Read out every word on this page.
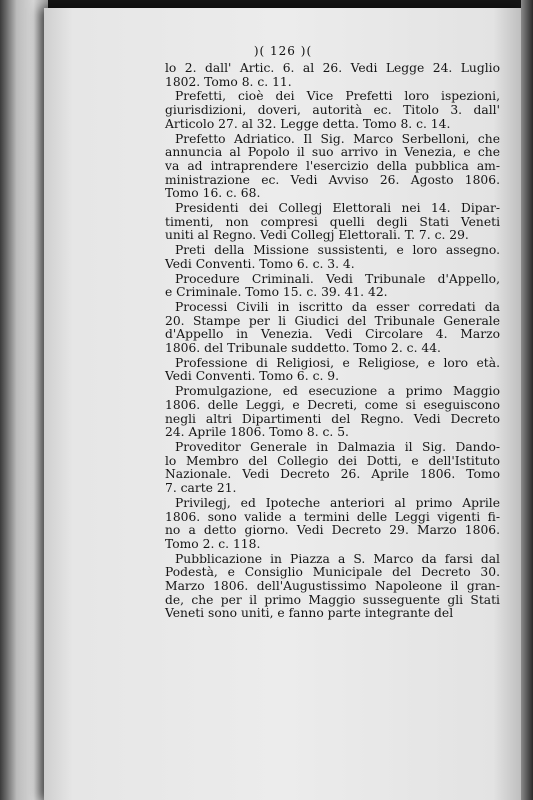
)( 126 )(
lo 2. dall' Artic. 6. al 26. Vedi Legge 24. Luglio
1802. Tomo 8. c. 11.
Prefetti, cioè dei Vice Prefetti loro ispezioni,
giurisdizioni, doveri, autorità ec. Titolo 3. dall'
Articolo 27. al 32. Legge detta. Tomo 8. c. 14.
Prefetto Adriatico. Il Sig. Marco Serbelloni, che
annuncia al Popolo il suo arrivo in Venezia, e che
va ad intraprendere l'esercizio della pubblica am-
ministrazione ec. Vedi Avviso 26. Agosto 1806.
Tomo 16. c. 68.
Presidenti dei Collegj Elettorali nei 14. Dipar-
timenti, non compresi quelli degli Stati Veneti
uniti al Regno. Vedi Collegj Elettorali. T. 7. c. 29.
Preti della Missione sussistenti, e loro assegno.
Vedi Conventi. Tomo 6. c. 3. 4.
Procedure Criminali. Vedi Tribunale d'Appello,
e Criminale. Tomo 15. c. 39. 41. 42.
Processi Civili in iscritto da esser corredati da
20. Stampe per li Giudici del Tribunale Generale
d'Appello in Venezia. Vedi Circolare 4. Marzo
1806. del Tribunale suddetto. Tomo 2. c. 44.
Professione di Religiosi, e Religiose, e loro età.
Vedi Conventi. Tomo 6. c. 9.
Promulgazione, ed esecuzione a primo Maggio
1806. delle Leggi, e Decreti, come si eseguiscono
negli altri Dipartimenti del Regno. Vedi Decreto
24. Aprile 1806. Tomo 8. c. 5.
Proveditor Generale in Dalmazia il Sig. Dando-
lo Membro del Collegio dei Dotti, e dell'Istituto
Nazionale. Vedi Decreto 26. Aprile 1806. Tomo
7. carte 21.
Privilegj, ed Ipoteche anteriori al primo Aprile
1806. sono valide a termini delle Leggi vigenti fi-
no a detto giorno. Vedi Decreto 29. Marzo 1806.
Tomo 2. c. 118.
Pubblicazione in Piazza a S. Marco da farsi dal
Podestà, e Consiglio Municipale del Decreto 30.
Marzo 1806. dell'Augustissimo Napoleone il gran-
de, che per il primo Maggio susseguente gli Stati
Veneti sono uniti, e fanno parte integrante del
